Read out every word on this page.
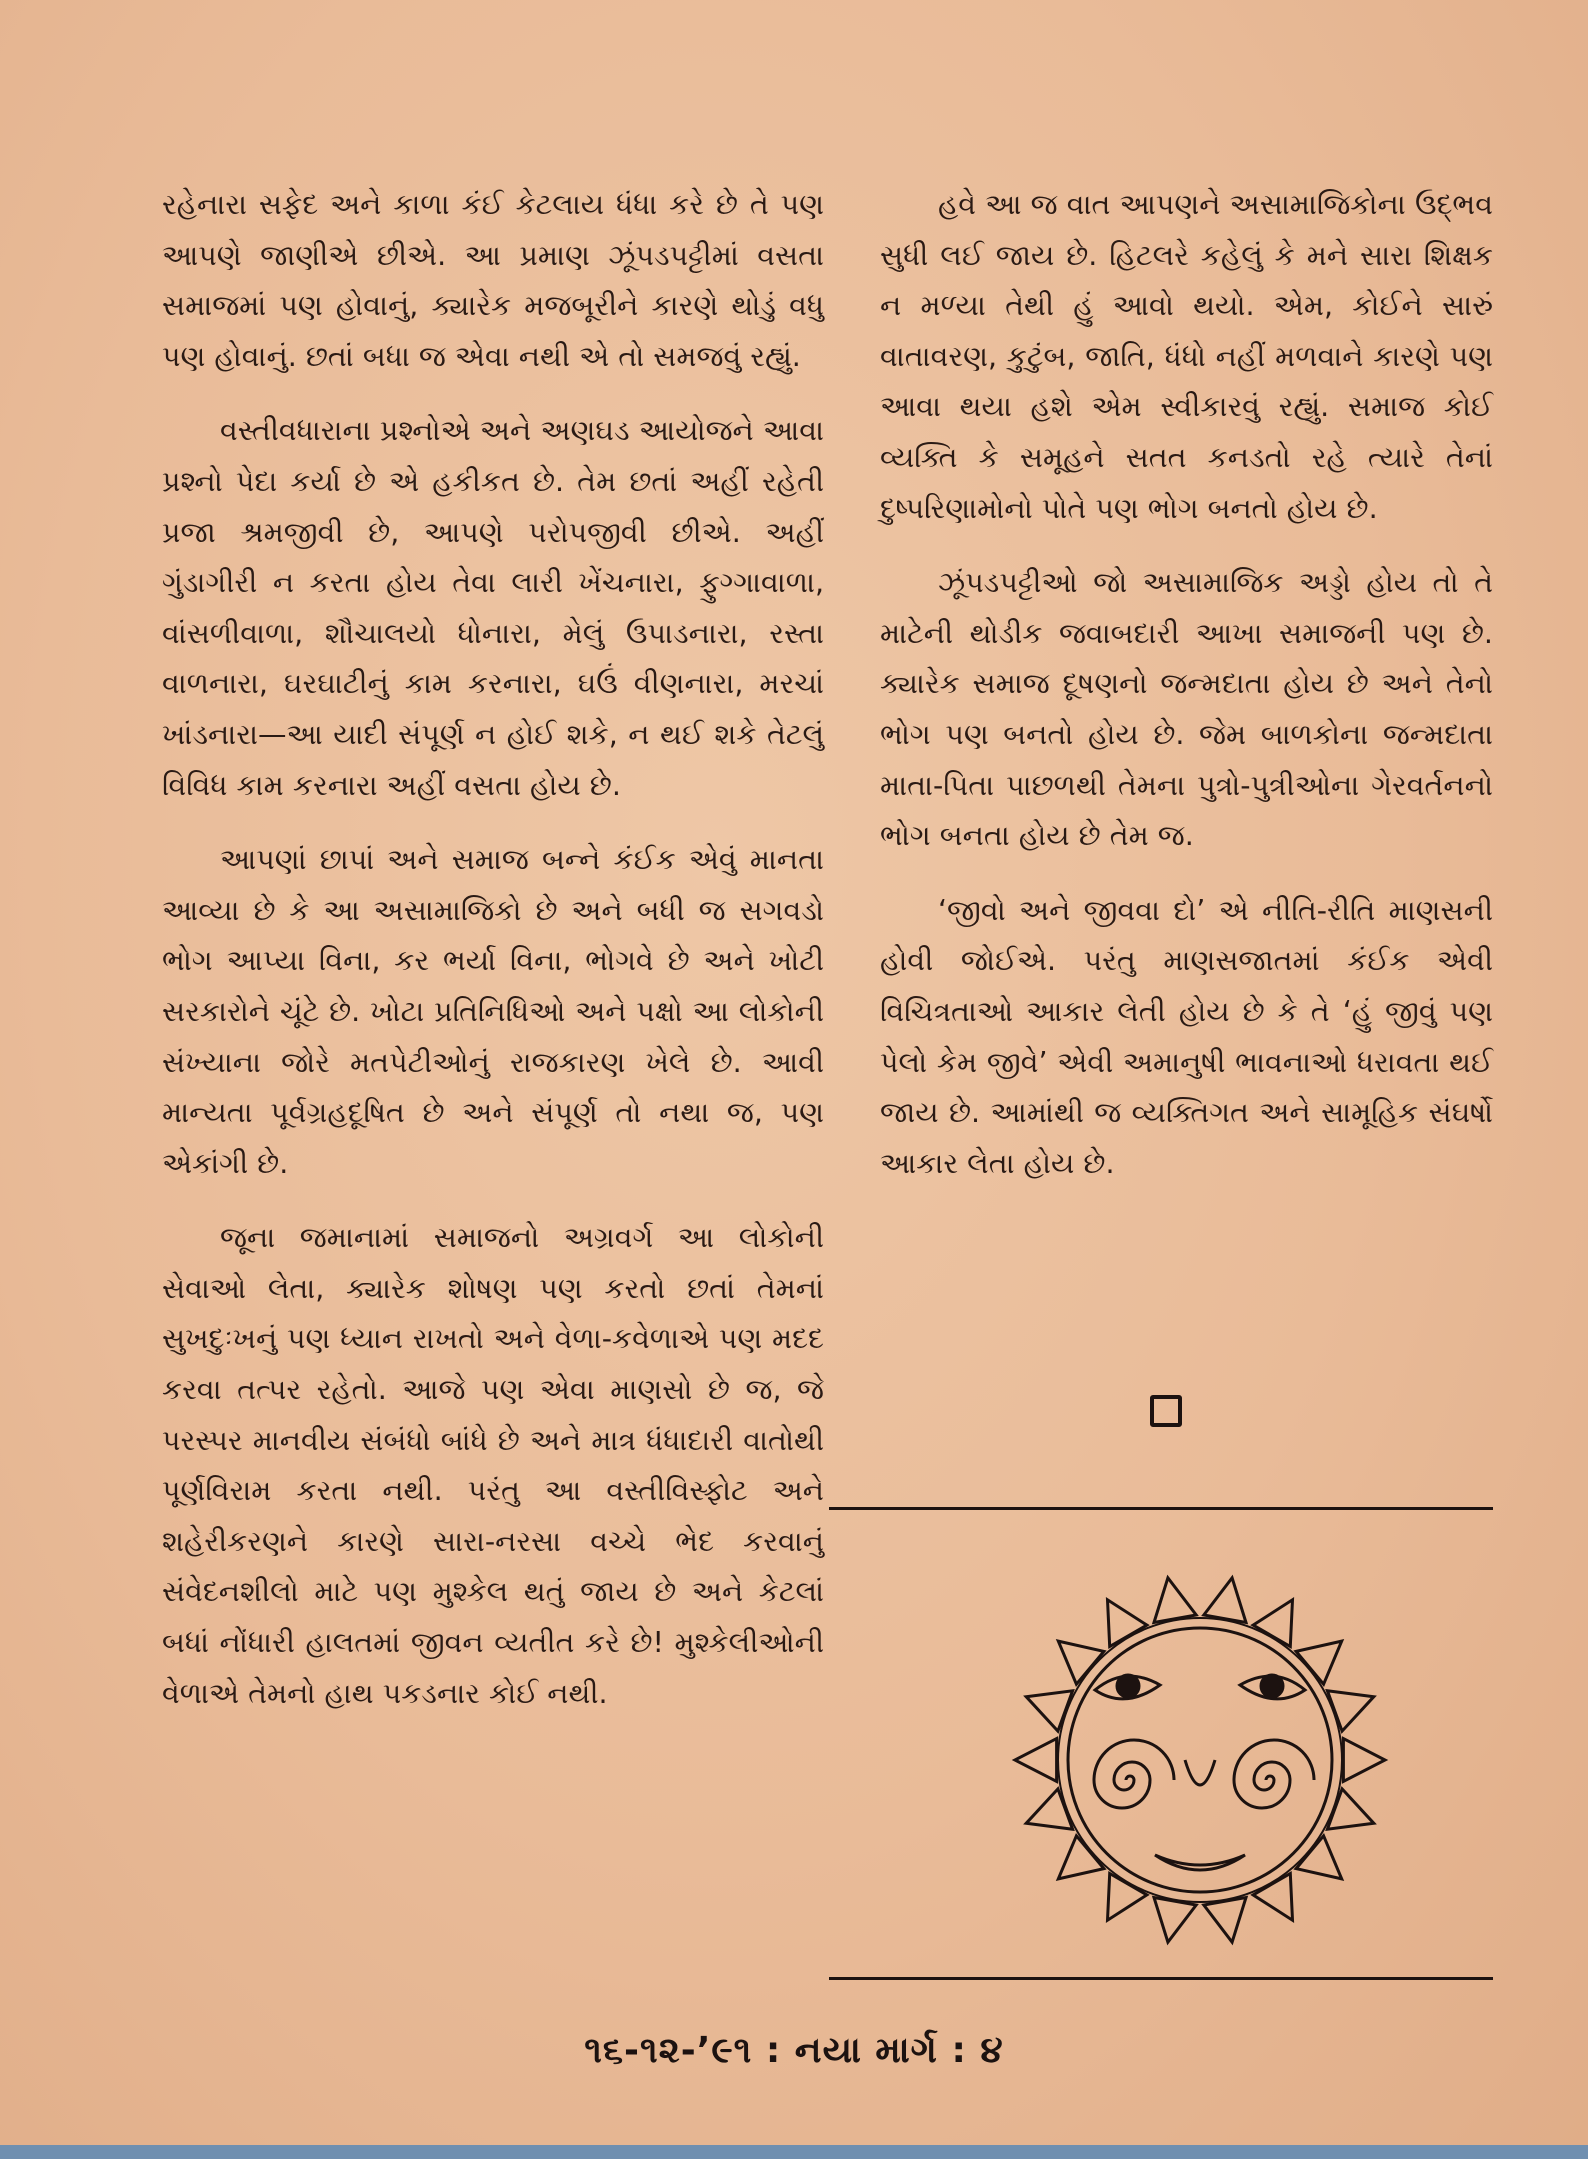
રહેનારા સફેદ અને કાળા કંઈ કેટલાય ધંધા કરે છે તે પણ આપણે જાણીએ છીએ. આ પ્રમાણ ઝૂંપડપટ્ટીમાં વસતા સમાજમાં પણ હોવાનું, ક્યારેક મજબૂરીને કારણે થોડું વધુ પણ હોવાનું. છતાં બધા જ એવા નથી એ તો સમજવું રહ્યું.

વસ્તીવધારાના પ્રશ્નોએ અને અણઘડ આયોજને આવા પ્રશ્નો પેદા કર્યા છે એ હકીકત છે. તેમ છતાં અહીં રહેતી પ્રજા શ્રમજીવી છે, આપણે પરોપજીવી છીએ. અહીં ગુંડાગીરી ન કરતા હોય તેવા લારી ખેંચનારા, ફુગ્ગાવાળા, વાંસળીવાળા, શૌચાલયો ધોનારા, મેલું ઉપાડનારા, રસ્તા વાળનારા, ઘરઘાટીનું કામ કરનારા, ઘઉં વીણનારા, મરચાં ખાંડનારા—આ યાદી સંપૂર્ણ ન હોઈ શકે, ન થઈ શકે તેટલું વિવિધ કામ કરનારા અહીં વસતા હોય છે.

આપણાં છાપાં અને સમાજ બન્ને કંઈક એવું માનતા આવ્યા છે કે આ અસામાજિકો છે અને બધી જ સગવડો ભોગ આપ્યા વિના, કર ભર્યા વિના, ભોગવે છે અને ખોટી સરકારોને ચૂંટે છે. ખોટા પ્રતિનિધિઓ અને પક્ષો આ લોકોની સંખ્યાના જોરે મતપેટીઓનું રાજકારણ ખેલે છે. આવી માન્યતા પૂર્વગ્રહદૂષિત છે અને સંપૂર્ણ તો નથા જ, પણ એકાંગી છે.

જૂના જમાનામાં સમાજનો અગ્રવર્ગ આ લોકોની સેવાઓ લેતા, ક્યારેક શોષણ પણ કરતો છતાં તેમનાં સુખદુઃખનું પણ ધ્યાન રાખતો અને વેળા-કવેળાએ પણ મદદ કરવા તત્પર રહેતો. આજે પણ એવા માણસો છે જ, જે પરસ્પર માનવીય સંબંધો બાંધે છે અને માત્ર ધંધાદારી વાતોથી પૂર્ણવિરામ કરતા નથી. પરંતુ આ વસ્તીવિસ્ફોટ અને શહેરીકરણને કારણે સારા-નરસા વચ્ચે ભેદ કરવાનું સંવેદનશીલો માટે પણ મુશ્કેલ થતું જાય છે અને કેટલાં બધાં નોંધારી હાલતમાં જીવન વ્યતીત કરે છે! મુશ્કેલીઓની વેળાએ તેમનો હાથ પકડનાર કોઈ નથી.

હવે આ જ વાત આપણને અસામાજિકોના ઉદ્ભવ સુધી લઈ જાય છે. હિટલરે કહેલું કે મને સારા શિક્ષક ન મળ્યા તેથી હું આવો થયો. એમ, કોઈને સારું વાતાવરણ, કુટુંબ, જાતિ, ધંધો નહીં મળવાને કારણે પણ આવા થયા હશે એમ સ્વીકારવું રહ્યું. સમાજ કોઈ વ્યક્તિ કે સમૂહને સતત કનડતો રહે ત્યારે તેનાં દુષ્પરિણામોનો પોતે પણ ભોગ બનતો હોય છે.

ઝૂંપડપટ્ટીઓ જો અસામાજિક અડ્ડો હોય તો તે માટેની થોડીક જવાબદારી આખા સમાજની પણ છે. ક્યારેક સમાજ દૂષણનો જન્મદાતા હોય છે અને તેનો ભોગ પણ બનતો હોય છે. જેમ બાળકોના જન્મદાતા માતા-પિતા પાછળથી તેમના પુત્રો-પુત્રીઓના ગેરવર્તનનો ભોગ બનતા હોય છે તેમ જ.

‘જીવો અને જીવવા દો’ એ નીતિ-રીતિ માણસની હોવી જોઈએ. પરંતુ માણસજાતમાં કંઈક એવી વિચિત્રતાઓ આકાર લેતી હોય છે કે તે ‘હું જીવું પણ પેલો કેમ જીવે’ એવી અમાનુષી ભાવનાઓ ધરાવતા થઈ જાય છે. આમાંથી જ વ્યક્તિગત અને સામૂહિક સંઘર્ષો આકાર લેતા હોય છે.

૧૬-૧૨-’૯૧ : નયા માર્ગ : ૪
